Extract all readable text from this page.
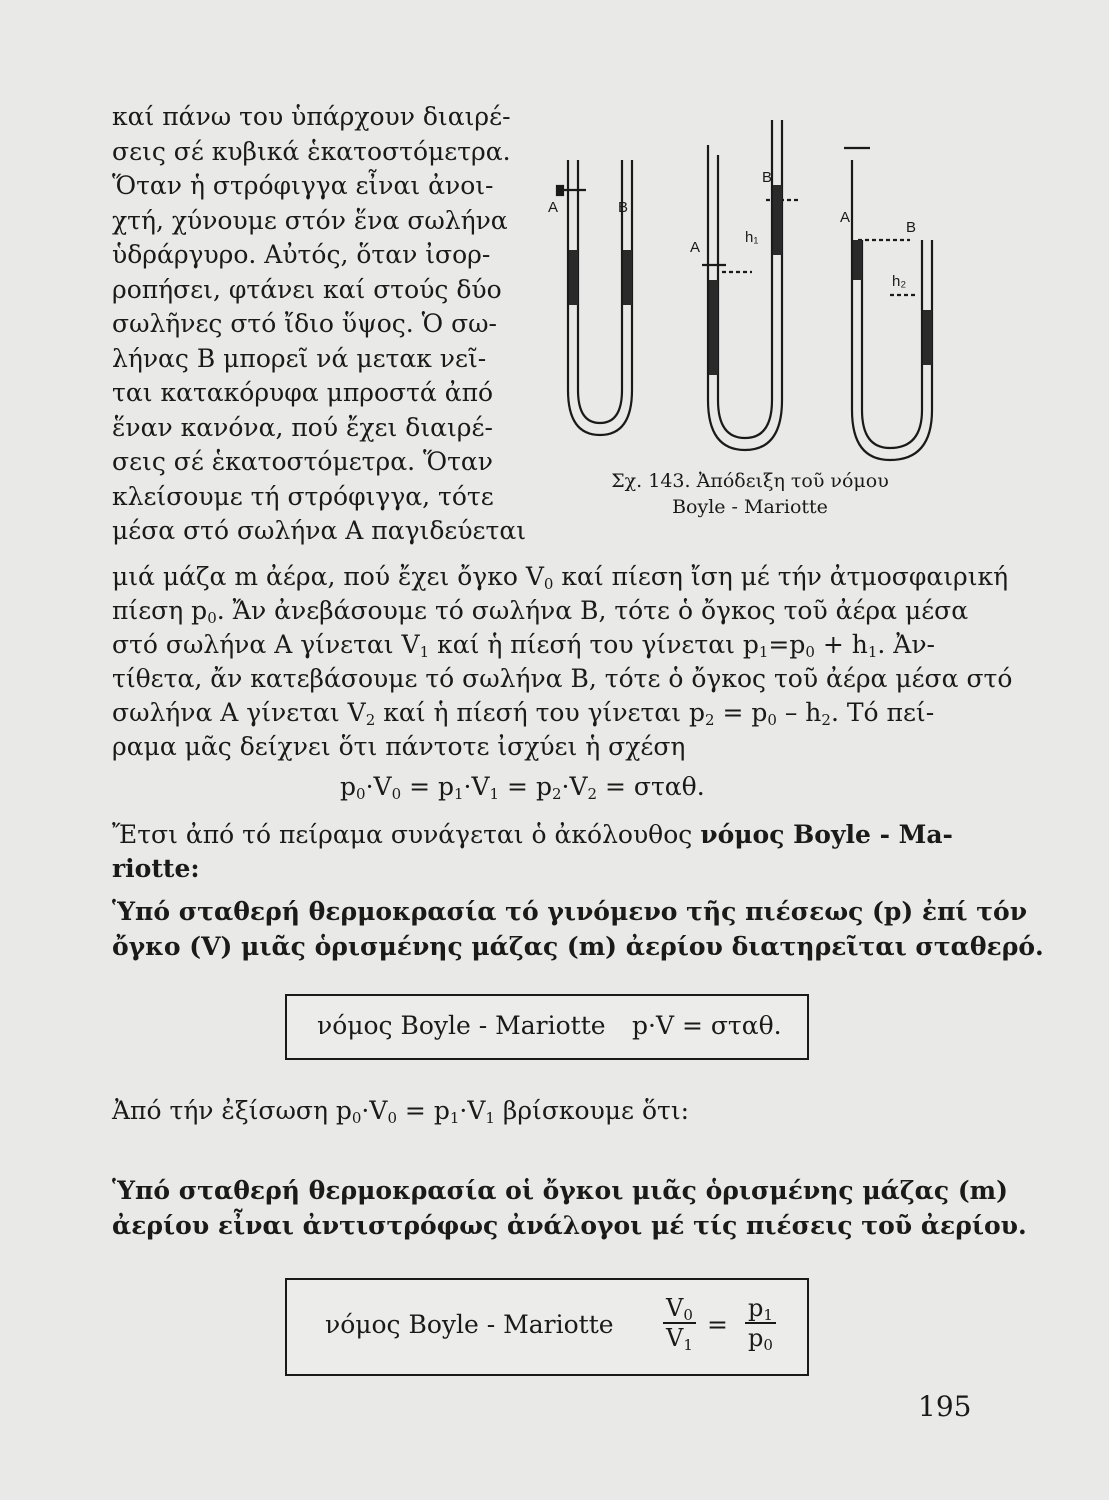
καί πάνω του ὑπάρχουν διαιρέ-
σεις σέ κυβικά ἑκατοστόμετρα.
Ὅταν ἡ στρόφιγγα εἶναι ἀνοι-
χτή, χύνουμε στόν ἕνα σωλήνα
ὑδράργυρο. Αὐτός, ὅταν ἰσορ-
ροπήσει, φτάνει καί στούς δύο
σωλῆνες στό ἴδιο ὕψος. Ὁ σω-
λήνας Β μπορεῖ νά μετακ νεῖ-
ται κατακόρυφα μπροστά ἀπό
ἕναν κανόνα, πού ἔχει διαιρέ-
σεις σέ ἑκατοστόμετρα. Ὅταν
κλείσουμε τή στρόφιγγα, τότε
μέσα στό σωλήνα Α παγιδεύεται
A	B
A
B
h₁
A
B
h₂
Σχ. 143. Ἀπόδειξη τοῦ νόμου
Boyle - Mariotte
μιά μάζα m ἀέρα, πού ἔχει ὄγκο $V_0$ καί πίεση ἴση μέ τήν ἀτμοσφαιρική
πίεση $p_0$. Ἄν ἀνεβάσουμε τό σωλήνα Β, τότε ὁ ὄγκος τοῦ ἀέρα μέσα
στό σωλήνα Α γίνεται $V_1$ καί ἡ πίεσή του γίνεται $p_1=p_0 + h_1$. Ἀν-
τίθετα, ἄν κατεβάσουμε τό σωλήνα Β, τότε ὁ ὄγκος τοῦ ἀέρα μέσα στό
σωλήνα Α γίνεται $V_2$ καί ἡ πίεσή του γίνεται $p_2 = p_0 - h_2$. Τό πεί-
ραμα μᾶς δείχνει ὅτι πάντοτε ἰσχύει ἡ σχέση
$p_0\cdot V_0 = p_1\cdot V_1 = p_2\cdot V_2 = \sigma\tau\alpha\theta$.
Ἔτσι ἀπό τό πείραμα συνάγεται ὁ ἀκόλουθος νόμος Boyle - Ma-
riotte:
Ὑπό σταθερή θερμοκρασία τό γινόμενο τῆς πιέσεως (p) ἐπί τόν
ὄγκο (V) μιᾶς ὁρισμένης μάζας (m) ἀερίου διατηρεῖται σταθερό.
νόμος Boyle - Mariotte p·V = σταθ.
Ἀπό τήν ἐξίσωση $p_0\cdot V_0 = p_1\cdot V_1$ βρίσκουμε ὅτι:
Ὑπό σταθερή θερμοκρασία οἱ ὄγκοι μιᾶς ὁρισμένης μάζας (m)
ἀερίου εἶναι ἀντιστρόφως ἀνάλογοι μέ τίς πιέσεις τοῦ ἀερίου.
νόμος Boyle - Mariotte $\frac{V_0}{V_1} = \frac{p_1}{p_0}$
195
